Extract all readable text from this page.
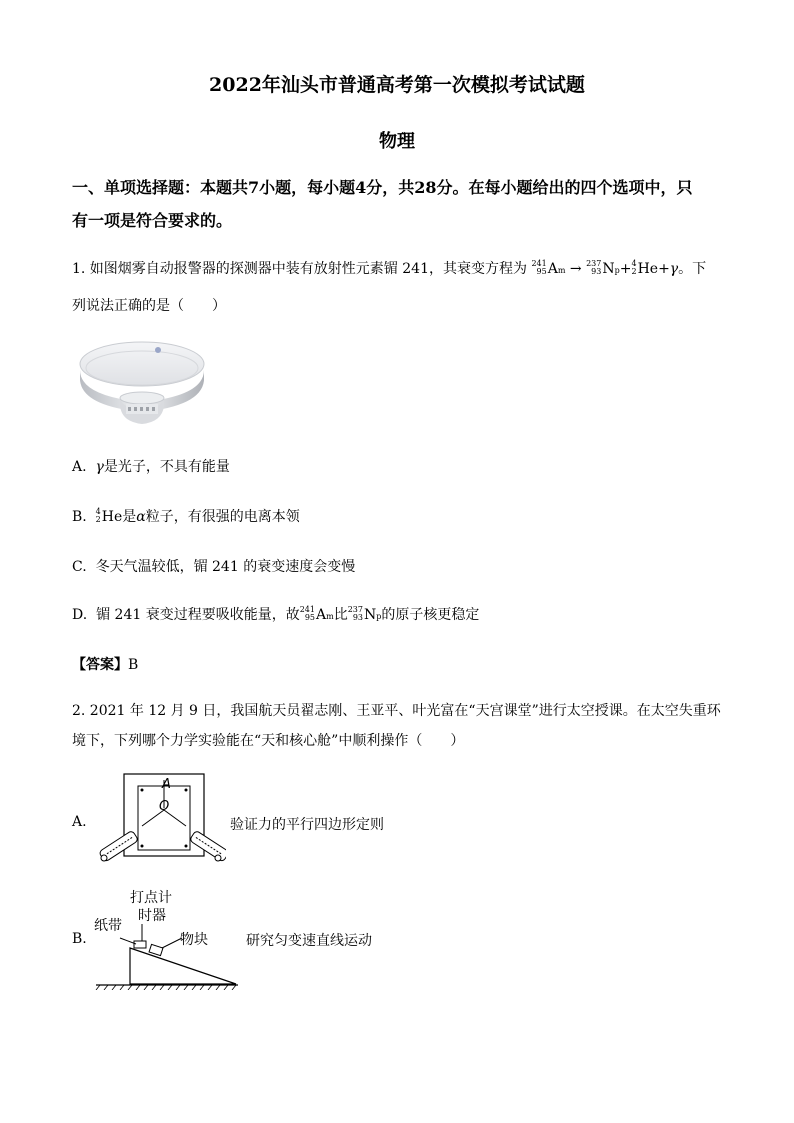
2022年汕头市普通高考第一次模拟考试试题
物理
一、单项选择题：本题共7小题，每小题4分，共28分。在每小题给出的四个选项中，只
有一项是符合要求的。
1. 如图烟雾自动报警器的探测器中装有放射性元素镅 241，其衰变方程为 241
95 Am → 237
93 Np+ 4
2 He+γ。下
列说法正确的是（　　）
A. γ是光子，不具有能量
B. 4
2 He是α粒子，有很强的电离本领
C. 冬天气温较低，镅 241 的衰变速度会变慢
D. 镅 241 衰变过程要吸收能量，故 241
95 Am比 237
93 Np的原子核更稳定
【答案】B
2. 2021 年 12 月 9 日，我国航天员翟志刚、王亚平、叶光富在“天宫课堂”进行太空授课。在太空失重环
境下，下列哪个力学实验能在“天和核心舱”中顺利操作（　　）
A.
A
O
验证力的平行四边形定则
B.
打点计
时器
纸带
物块	研究匀变速直线运动
